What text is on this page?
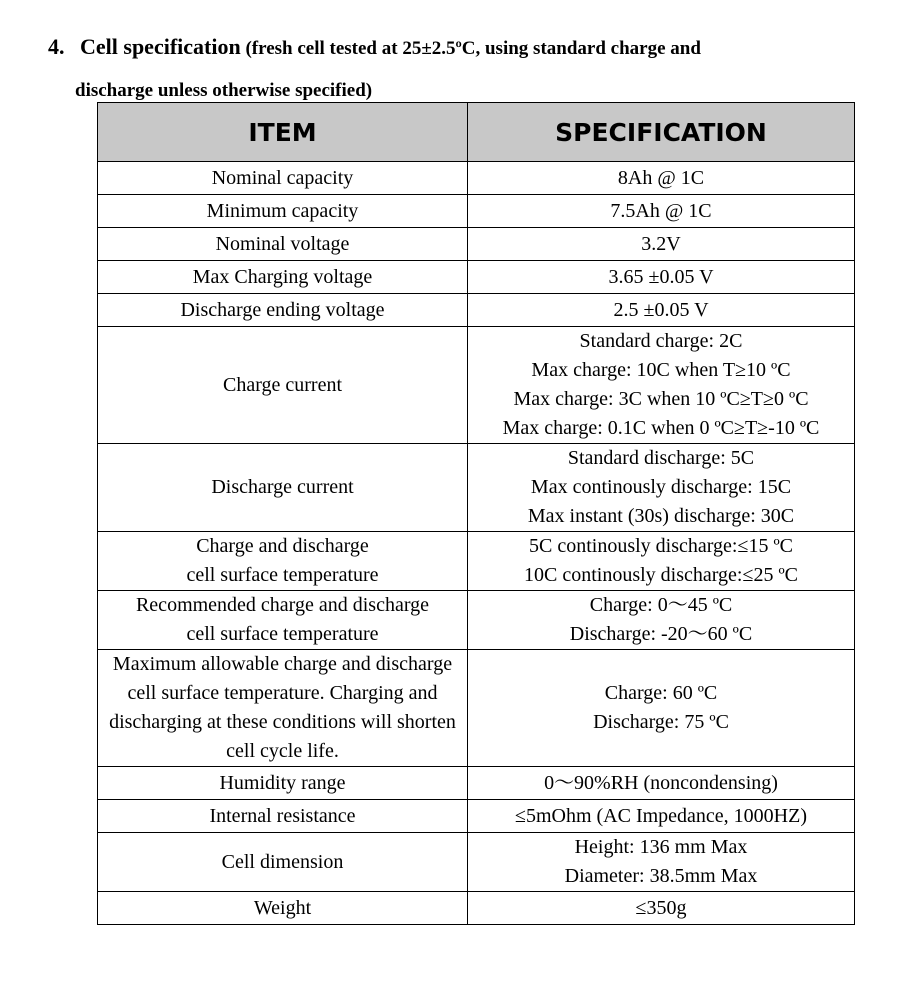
4. Cell specification (fresh cell tested at 25±2.5ºC, using standard charge and
discharge unless otherwise specified)
ITEM	SPECIFICATION
Nominal capacity	8Ah @ 1C

Minimum capacity	7.5Ah @ 1C

Nominal voltage	3.2V

Max Charging voltage	3.65 ±0.05 V

Discharge ending voltage	2.5 ±0.05 V

Charge current	Standard charge: 2C
Max charge: 10C when T≥10 ºC
Max charge: 3C when 10 ºC≥T≥0 ºC
Max charge: 0.1C when 0 ºC≥T≥-10 ºC

Discharge current	Standard discharge: 5C
Max continously discharge: 15C
Max instant (30s) discharge: 30C

Charge and discharge
cell surface temperature	5C continously discharge:≤15 ºC
10C continously discharge:≤25 ºC

Recommended charge and discharge
cell surface temperature	Charge: 0～45 ºC
Discharge: -20～60 ºC

Maximum allowable charge and discharge cell surface temperature. Charging and discharging at these conditions will shorten cell cycle life.	Charge: 60 ºC
Discharge: 75 ºC

Humidity range	0～90%RH (noncondensing)

Internal resistance	≤5mOhm (AC Impedance, 1000HZ)

Cell dimension	Height: 136 mm Max
Diameter: 38.5mm Max

Weight	≤350g
